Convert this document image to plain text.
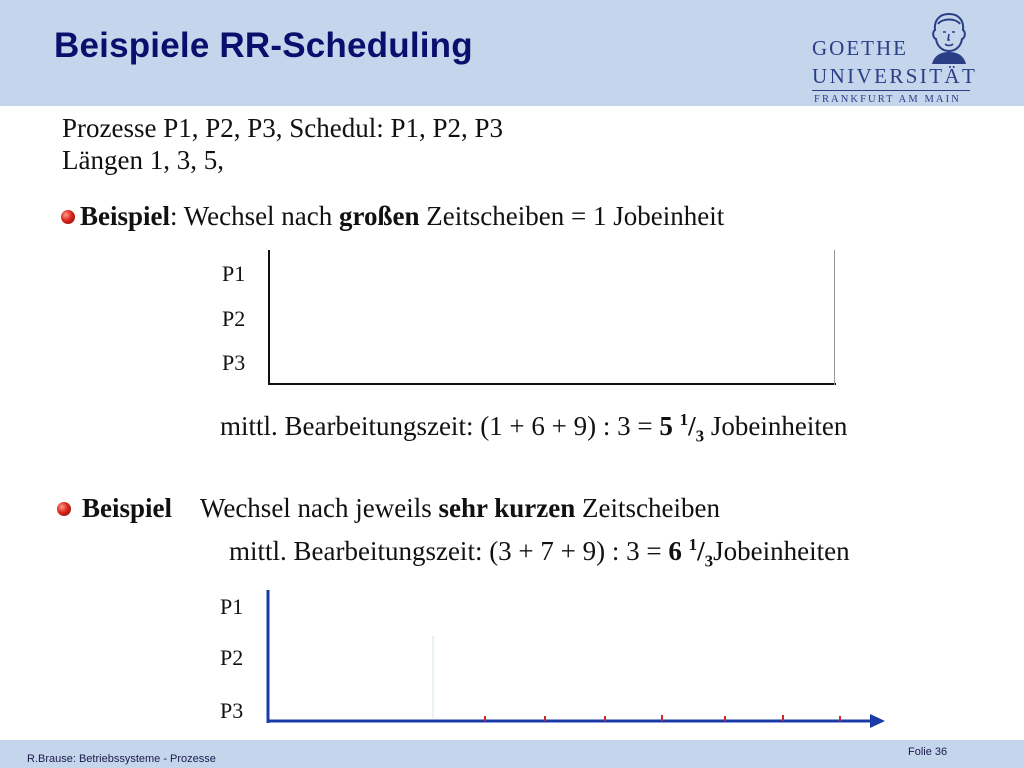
Beispiele RR-Scheduling	GOETHE
UNIVERSITÄT
FRANKFURT AM MAIN
Prozesse P1, P2, P3, Schedul: P1, P2, P3
Längen 1, 3, 5,
Beispiel: Wechsel nach großen Zeitscheiben = 1 Jobeinheit
P1
P2
P3
mittl. Bearbeitungszeit: (1 + 6 + 9) : 3 = 5 $^1/_3$ Jobeinheiten
Beispiel Wechsel nach jeweils sehr kurzen Zeitscheiben
mittl. Bearbeitungszeit: (3 + 7 + 9) : 3 = 6 $^1/_3Jobeinheiten$
P1
P2
P3
R.Brause: Betriebssysteme - Prozesse
Folie 36
